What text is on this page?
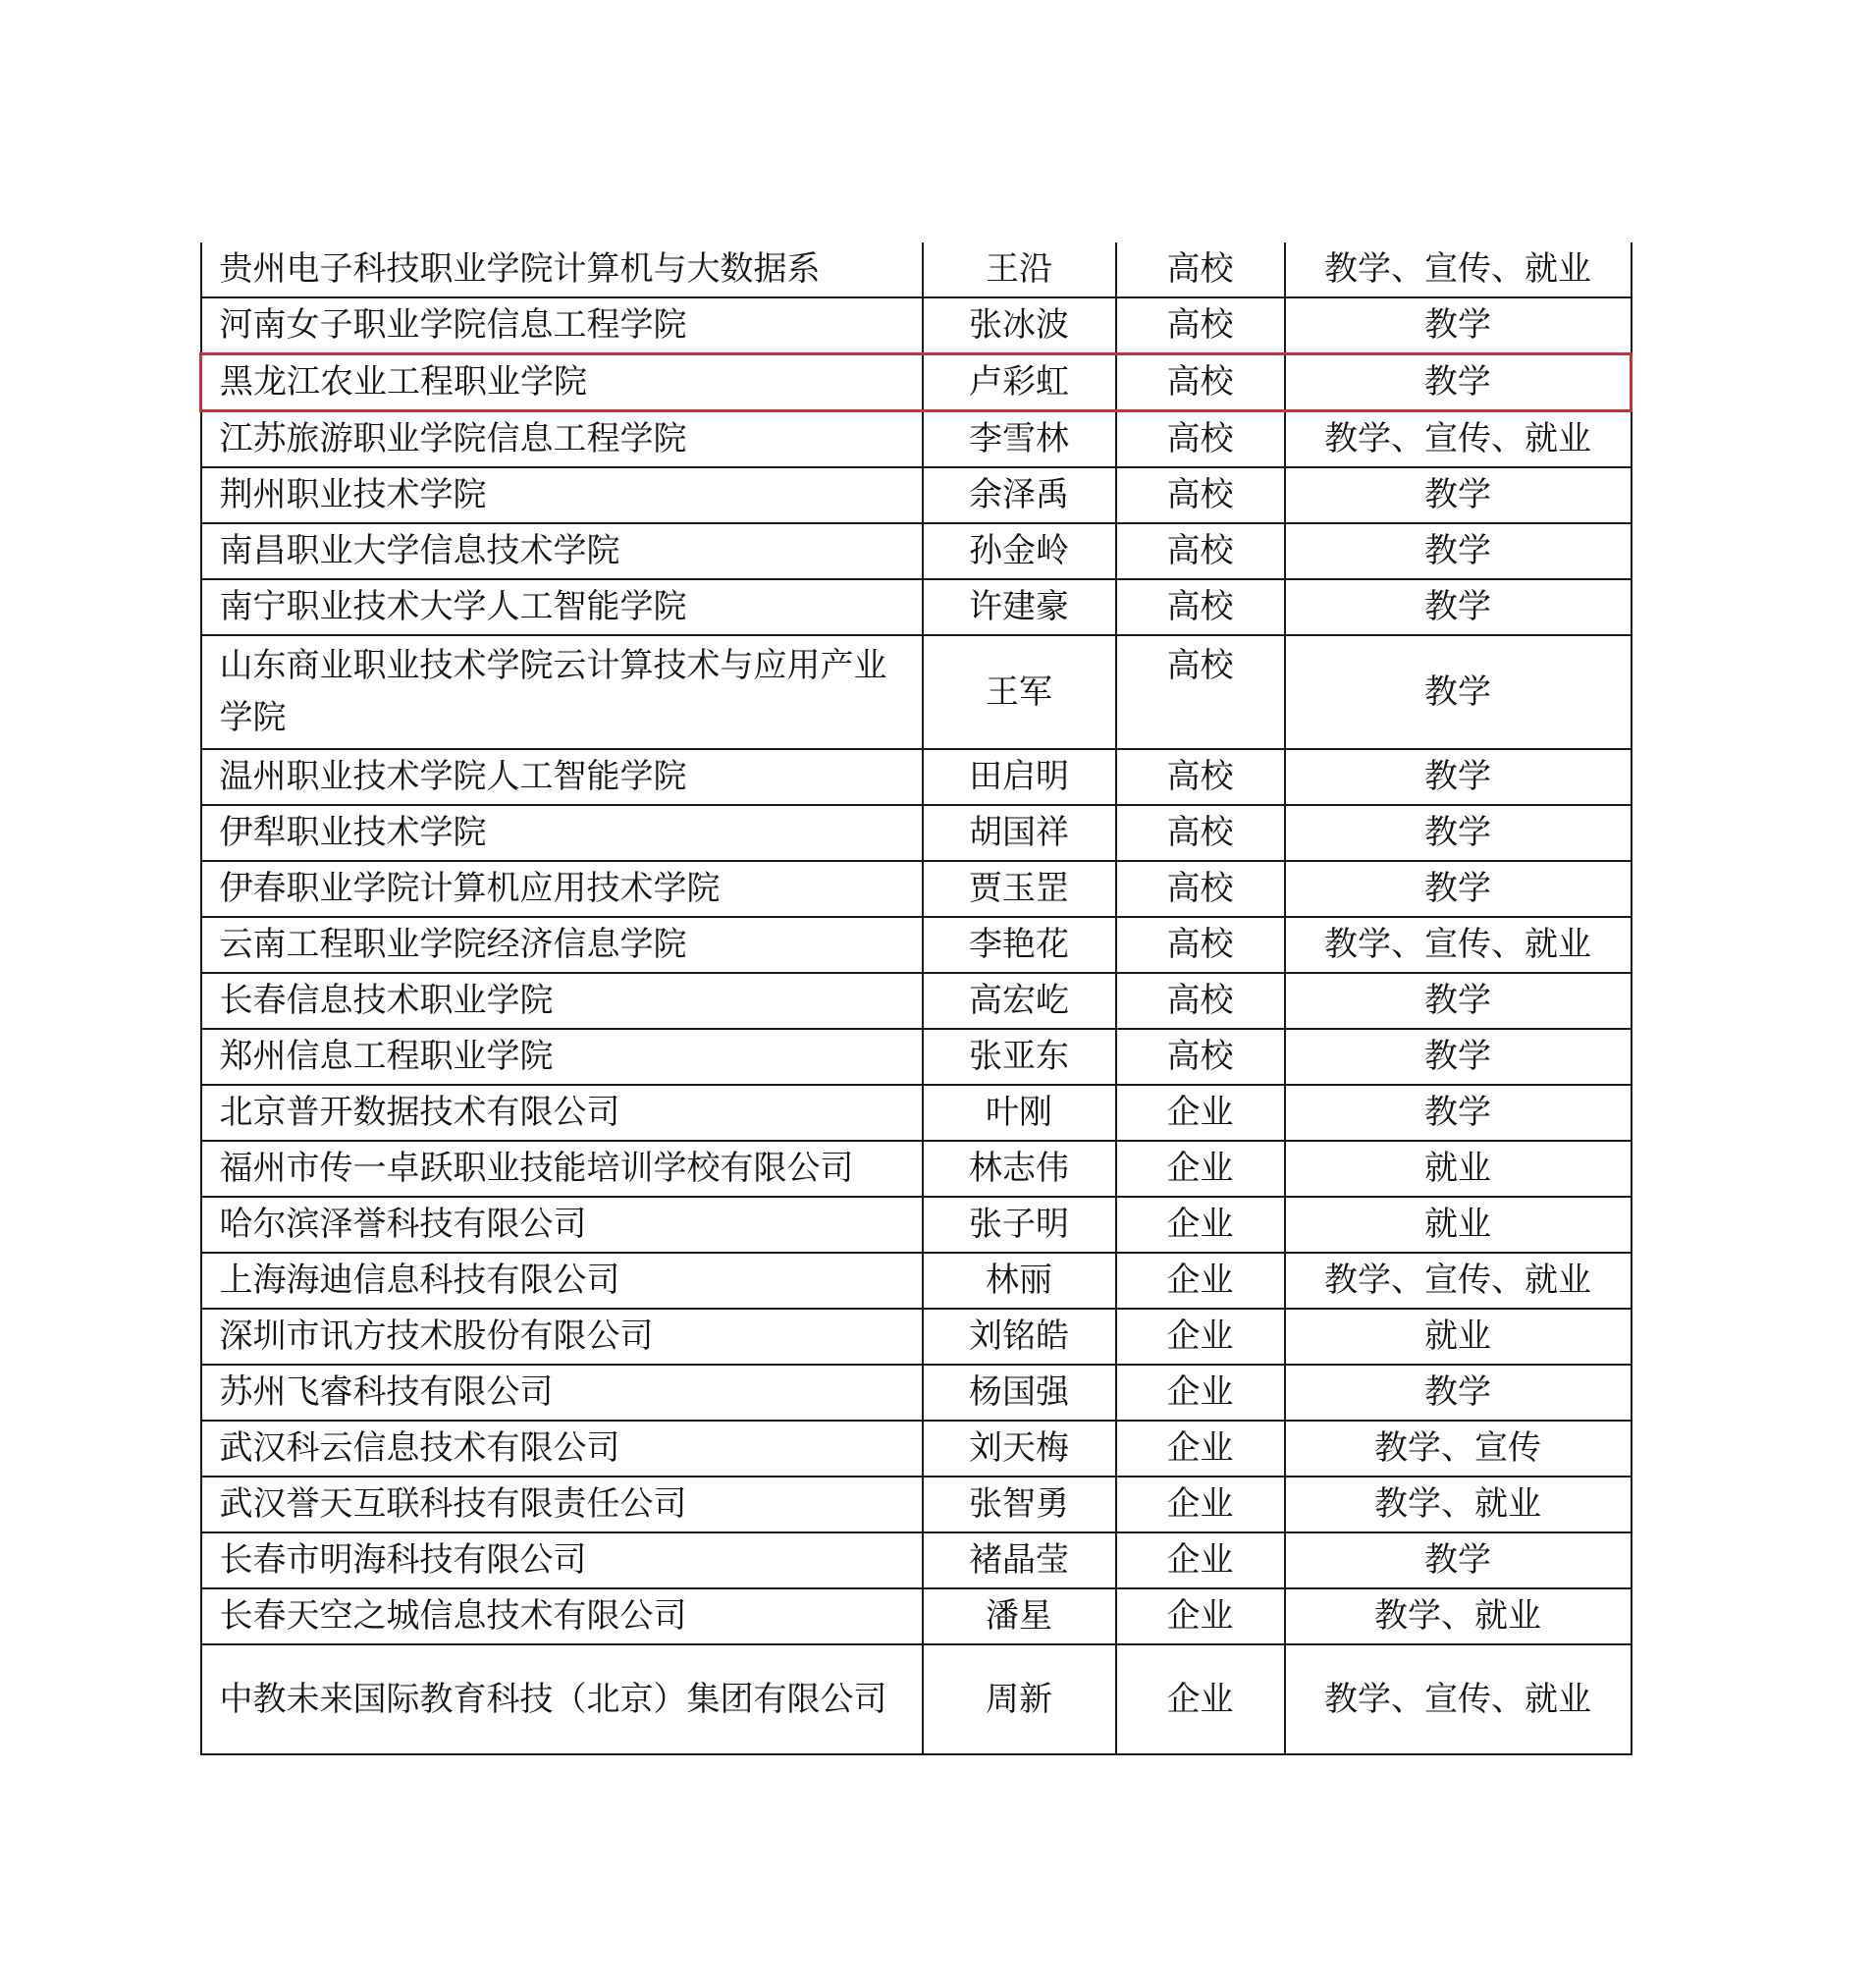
贵州电子科技职业学院计算机与大数据系	王沿	高校	教学、宣传、就业
河南女子职业学院信息工程学院	张冰波	高校	教学
黑龙江农业工程职业学院	卢彩虹	高校	教学
江苏旅游职业学院信息工程学院	李雪林	高校	教学、宣传、就业
荆州职业技术学院	余泽禹	高校	教学
南昌职业大学信息技术学院	孙金岭	高校	教学
南宁职业技术大学人工智能学院	许建豪	高校	教学
山东商业职业技术学院云计算技术与应用产业学院	王军	高校	教学
温州职业技术学院人工智能学院	田启明	高校	教学
伊犁职业技术学院	胡国祥	高校	教学
伊春职业学院计算机应用技术学院	贾玉罡	高校	教学
云南工程职业学院经济信息学院	李艳花	高校	教学、宣传、就业
长春信息技术职业学院	高宏屹	高校	教学
郑州信息工程职业学院	张亚东	高校	教学
北京普开数据技术有限公司	叶刚	企业	教学
福州市传一卓跃职业技能培训学校有限公司	林志伟	企业	就业
哈尔滨泽誉科技有限公司	张子明	企业	就业
上海海迪信息科技有限公司	林丽	企业	教学、宣传、就业
深圳市讯方技术股份有限公司	刘铭皓	企业	就业
苏州飞睿科技有限公司	杨国强	企业	教学
武汉科云信息技术有限公司	刘天梅	企业	教学、宣传
武汉誉天互联科技有限责任公司	张智勇	企业	教学、就业
长春市明海科技有限公司	褚晶莹	企业	教学
长春天空之城信息技术有限公司	潘星	企业	教学、就业
中教未来国际教育科技（北京）集团有限公司	周新	企业	教学、宣传、就业
